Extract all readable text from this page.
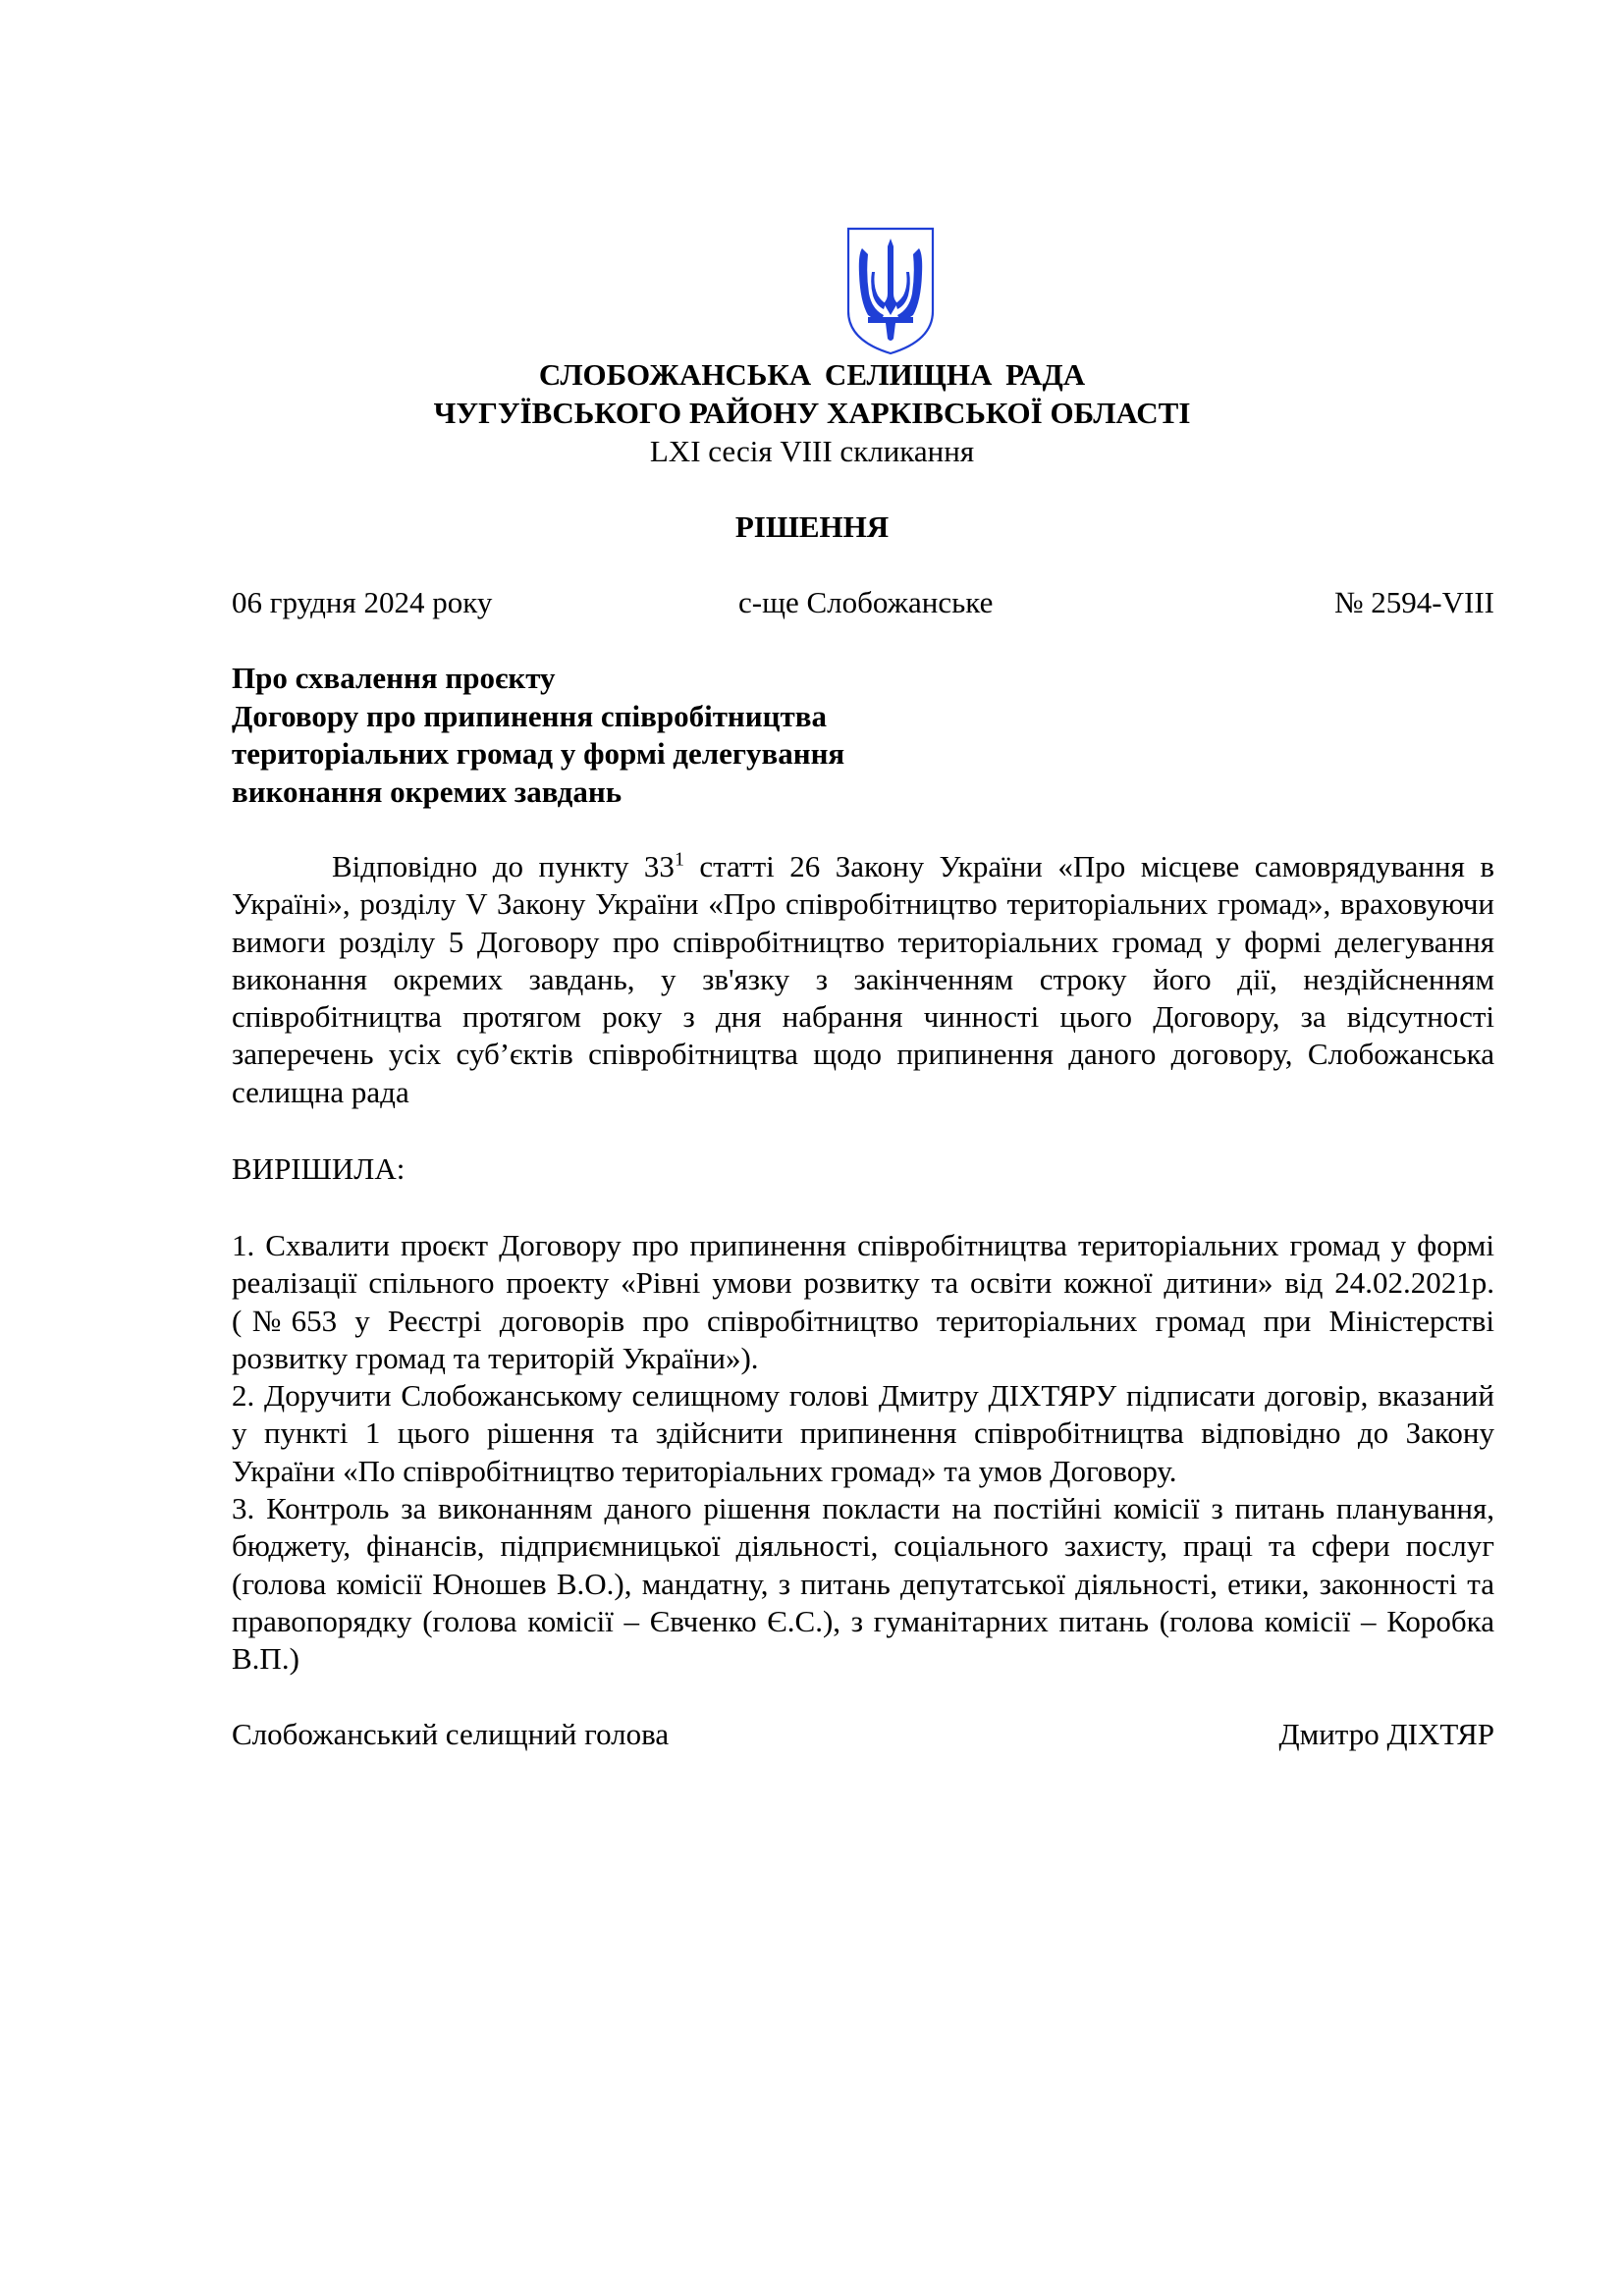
СЛОБОЖАНСЬКА СЕЛИЩНА РАДА
ЧУГУЇВСЬКОГО РАЙОНУ ХАРКІВСЬКОЇ ОБЛАСТІ
LXI сесія VIII скликання
РІШЕННЯ
06 грудня 2024 року	с-ще Слобожанське	№ 2594-VIII
Про схвалення проєкту
Договору про припинення співробітництва
територіальних громад у формі делегування
виконання окремих завдань
Відповідно до пункту $33^1$ статті 26 Закону України «Про місцеве самоврядування в Україні», розділу V Закону України «Про співробітництво територіальних громад», враховуючи вимоги розділу 5 Договору про співробітництво територіальних громад у формі делегування виконання окремих завдань, у зв'язку з закінченням строку його дії, нездійсненням співробітництва протягом року з дня набрання чинності цього Договору, за відсутності заперечень усіх суб’єктів співробітництва щодо припинення даного договору, Слобожанська селищна рада
ВИРІШИЛА:

1. Схвалити проєкт Договору про припинення співробітництва територіальних громад у формі реалізації спільного проекту «Рівні умови розвитку та освіти кожної дитини» від 24.02.2021р. (№653 у Реєстрі договорів про співробітництво територіальних громад при Міністерстві розвитку громад та територій України»).

2. Доручити Слобожанському селищному голові Дмитру ДІХТЯРУ підписати договір, вказаний у пункті 1 цього рішення та здійснити припинення співробітництва відповідно до Закону України «По співробітництво територіальних громад» та умов Договору.

3. Контроль за виконанням даного рішення покласти на постійні комісії з питань планування, бюджету, фінансів, підприємницької діяльності, соціального захисту, праці та сфери послуг (голова комісії Юношев В.О.), мандатну, з питань депутатської діяльності, етики, законності та правопорядку (голова комісії – Євченко Є.С.), з гуманітарних питань (голова комісії – Коробка В.П.)

Слобожанський селищний голова	Дмитро ДІХТЯР
